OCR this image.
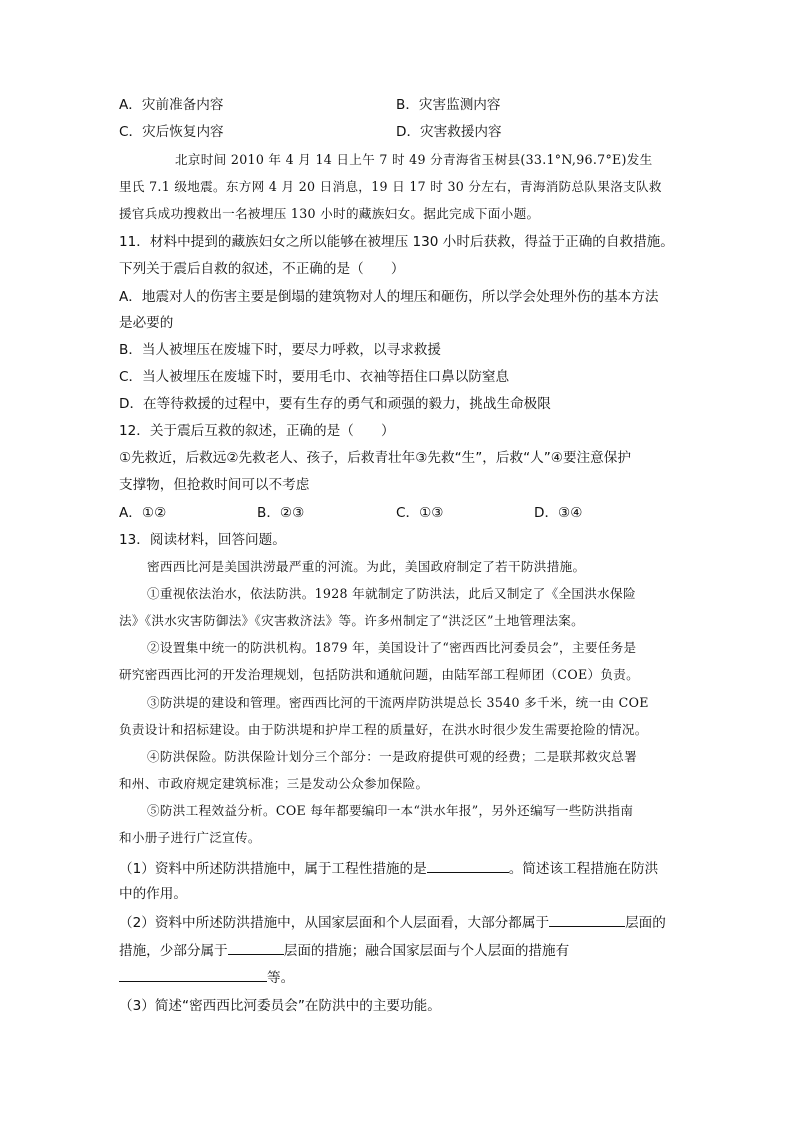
A．灾前准备内容	B．灾害监测内容
C．灾后恢复内容	D．灾害救援内容
北京时间 2010 年 4 月 14 日上午 7 时 49 分青海省玉树县(33.1°N,96.7°E)发生
里氏 7.1 级地震。东方网 4 月 20 日消息，19 日 17 时 30 分左右，青海消防总队果洛支队救
援官兵成功搜救出一名被埋压 130 小时的藏族妇女。据此完成下面小题。
11．材料中提到的藏族妇女之所以能够在被埋压 130 小时后获救，得益于正确的自救措施。
下列关于震后自救的叙述，不正确的是（　　）
A．地震对人的伤害主要是倒塌的建筑物对人的埋压和砸伤，所以学会处理外伤的基本方法
是必要的
B．当人被埋压在废墟下时，要尽力呼救，以寻求救援
C．当人被埋压在废墟下时，要用毛巾、衣袖等捂住口鼻以防窒息
D．在等待救援的过程中，要有生存的勇气和顽强的毅力，挑战生命极限
12．关于震后互救的叙述，正确的是（　　）
①先救近，后救远②先救老人、孩子，后救青壮年③先救“生”，后救“人”④要注意保护
支撑物，但抢救时间可以不考虑
A．①②	B．②③	C．①③	D．③④
13．阅读材料，回答问题。
密西西比河是美国洪涝最严重的河流。为此，美国政府制定了若干防洪措施。
①重视依法治水，依法防洪。1928 年就制定了防洪法，此后又制定了《全国洪水保险
法》《洪水灾害防御法》《灾害救济法》等。许多州制定了“洪泛区”土地管理法案。
②设置集中统一的防洪机构。1879 年，美国设计了“密西西比河委员会”，主要任务是
研究密西西比河的开发治理规划，包括防洪和通航问题，由陆军部工程师团（COE）负责。
③防洪堤的建设和管理。密西西比河的干流两岸防洪堤总长 3540 多千米，统一由 COE
负责设计和招标建设。由于防洪堤和护岸工程的质量好，在洪水时很少发生需要抢险的情况。
④防洪保险。防洪保险计划分三个部分：一是政府提供可观的经费；二是联邦救灾总署
和州、市政府规定建筑标准；三是发动公众参加保险。
⑤防洪工程效益分析。COE 每年都要编印一本“洪水年报”，另外还编写一些防洪指南
和小册子进行广泛宣传。
（1）资料中所述防洪措施中，属于工程性措施的是	。简述该工程措施在防洪
中的作用。
（2）资料中所述防洪措施中，从国家层面和个人层面看，大部分都属于	层面的
措施，少部分属于	层面的措施；融合国家层面与个人层面的措施有
等。
（3）简述“密西西比河委员会”在防洪中的主要功能。
